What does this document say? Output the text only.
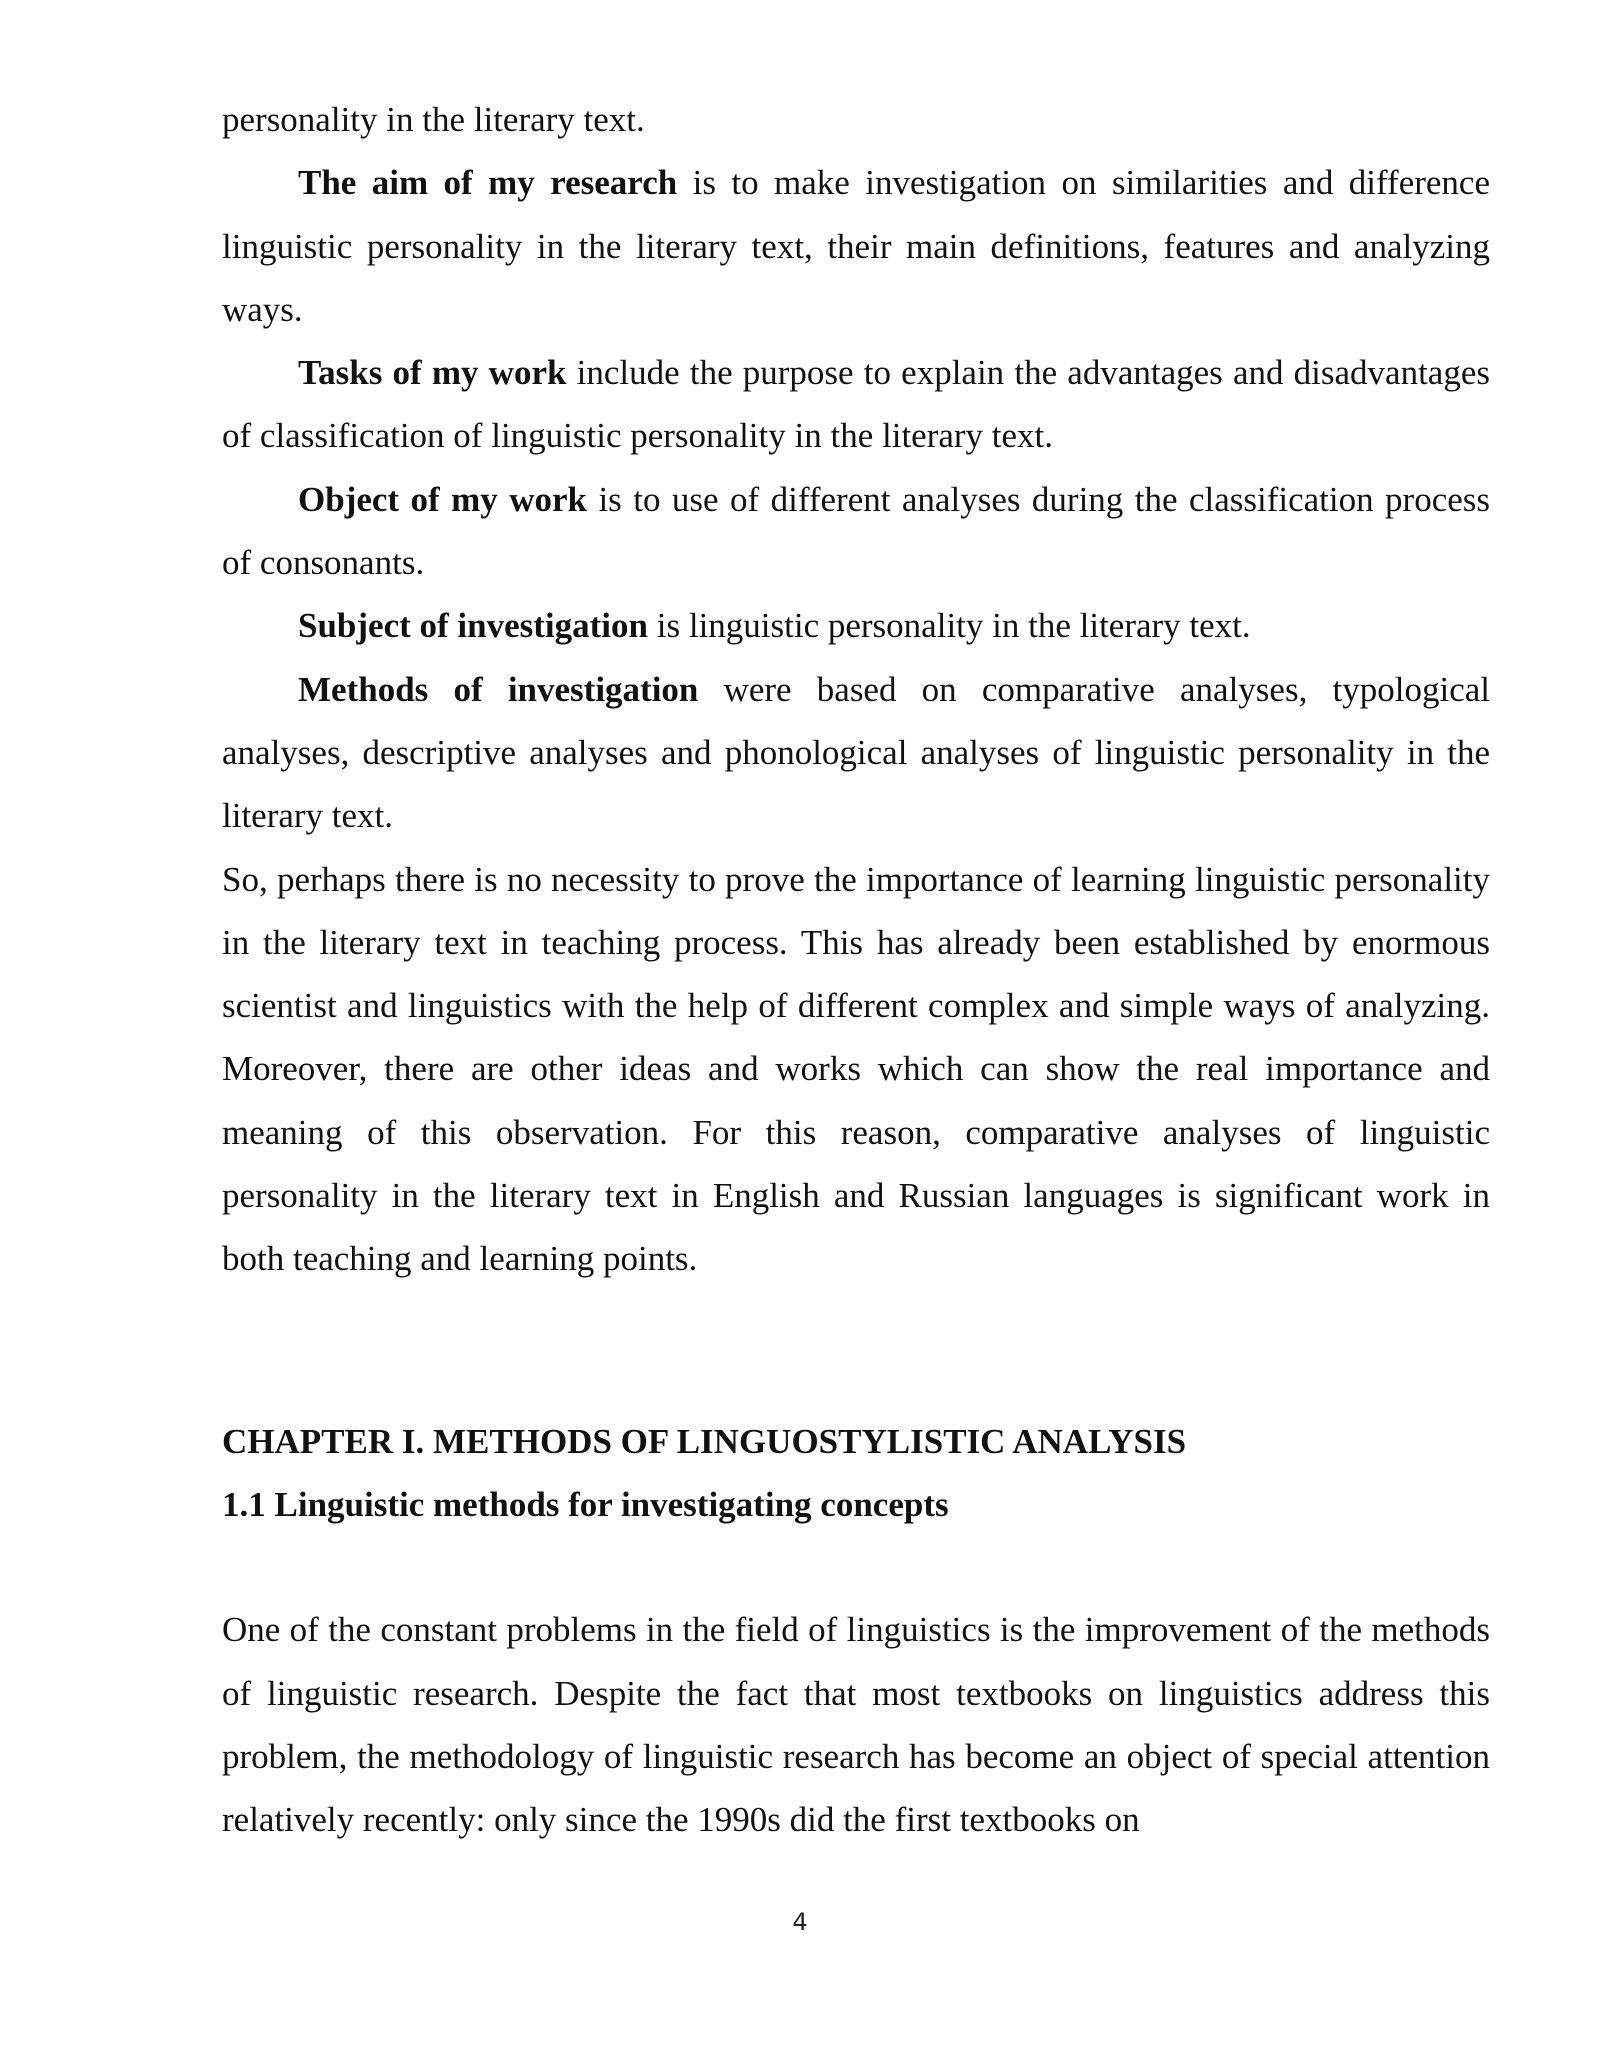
personality in the literary text.

The aim of my research is to make investigation on similarities and difference linguistic personality in the literary text, their main definitions, features and analyzing ways.

Tasks of my work include the purpose to explain the advantages and disadvantages of classification of linguistic personality in the literary text.

Object of my work is to use of different analyses during the classification process of consonants.

Subject of investigation is linguistic personality in the literary text.

Methods of investigation were based on comparative analyses, typological analyses, descriptive analyses and phonological analyses of linguistic personality in the literary text.

So, perhaps there is no necessity to prove the importance of learning linguistic personality in the literary text in teaching process. This has already been established by enormous scientist and linguistics with the help of different complex and simple ways of analyzing. Moreover, there are other ideas and works which can show the real importance and meaning of this observation. For this reason, comparative analyses of linguistic personality in the literary text in English and Russian languages is significant work in both teaching and learning points.

CHAPTER I. METHODS OF LINGUOSTYLISTIC ANALYSIS

1.1 Linguistic methods for investigating concepts

One of the constant problems in the field of linguistics is the improvement of the methods of linguistic research. Despite the fact that most textbooks on linguistics address this problem, the methodology of linguistic research has become an object of special attention relatively recently: only since the 1990s did the first textbooks on

4
